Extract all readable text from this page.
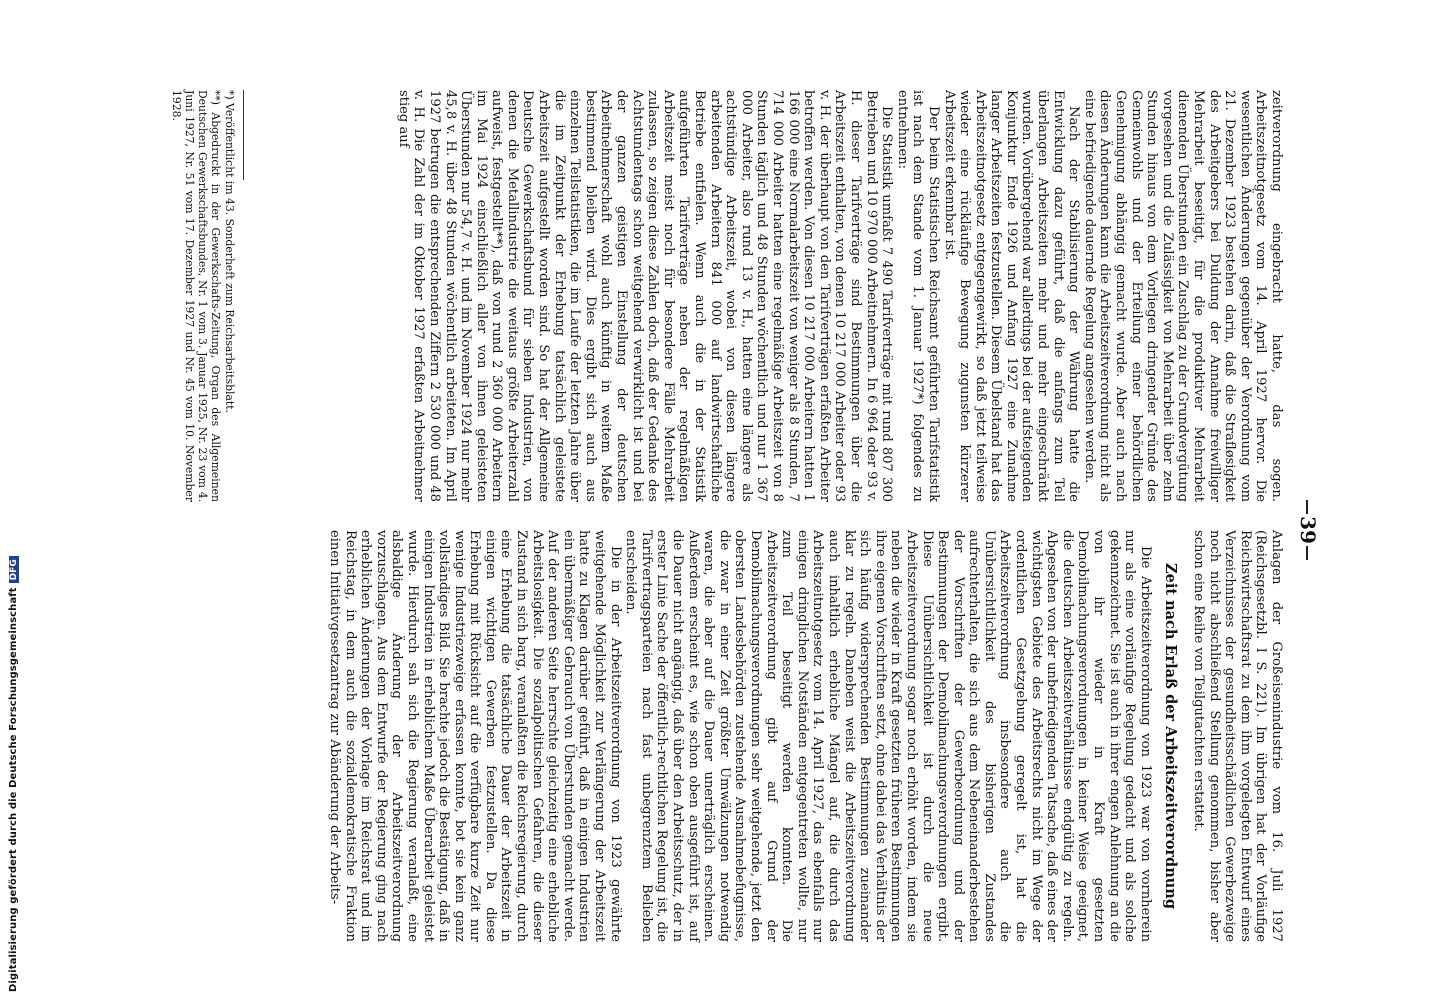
Digitalisierung gefördert durch die Deutsche Forschungsgemeinschaft
DFG
39

zeitverordnung eingebracht hatte, das sogen. Arbeitszeitnotgesetz vom 14. April 1927 hervor. Die wesentlichen Änderungen gegenüber der Verordnung vom 21. Dezember 1923 bestehen darin, daß die Strafløsigkeit des Arbeitgebers bei Duldung der Annahme freiwilliger Mehrarbeit beseitigt, für die produktiver Mehrarbeit dienenden Überstunden ein Zuschlag zu der Grundvergütung vorgesehen und die Zulässigkeit von Mehrarbeit über zehn Stunden hinaus von dem Vorliegen dringender Gründe des Gemeinwohls und der Erteilung einer behördlichen Genehmigung abhängig gemacht wurde. Aber auch nach diesen Änderungen kann die Arbeitszeitverordnung nicht als eine befriedigende dauernde Regelung angesehen werden.

Nach der Stabilisierung der Währung hatte die Entwicklung dazu geführt, daß die anfangs zum Teil überlangen Arbeitszeiten mehr und mehr eingeschränkt wurden. Vorübergehend war allerdings bei der aufsteigenden Konjunktur Ende 1926 und Anfang 1927 eine Zunahme langer Arbeitszeiten festzustellen. Diesem Übelstand hat das Arbeitszeitnotgesetz entgegengewirkt, so daß jetzt teilweise wieder eine rückläufige Bewegung zugunsten kürzerer Arbeitszeit erkennbar ist.

Der beim Statistischen Reichsamt geführten Tarifstatistik ist nach dem Stande vom 1. Januar 1927*) folgendes zu entnehmen:

Die Statistik umfaßt 7 490 Tarifverträge mit rund 807 300 Betrieben und 10 970 000 Arbeitnehmern. In 6 964 oder 93 v. H. dieser Tarifverträge sind Bestimmungen über die Arbeitszeit enthalten, von denen 10 217 000 Arbeiter oder 93 v. H. der überhaupt von den Tarifverträgen erfaßten Arbeiter betroffen werden. Von diesen 10 217 000 Arbeitern hatten 1 166 000 eine Normalarbeitszeit von weniger als 8 Stunden, 7 714 000 Arbeiter hatten eine regelmäßige Arbeitszeit von 8 Stunden täglich und 48 Stunden wöchentlich und nur 1 367 000 Arbeiter, also rund 13 v. H., hatten eine längere als achtstündige Arbeitszeit, wobei von diesen längere arbeitenden Arbeitern 841 000 auf landwirtschaftliche Betriebe entfielen. Wenn auch die in der Statistik aufgeführten Tarifverträge neben der regelmäßigen Arbeitszeit meist noch für besondere Fälle Mehrarbeit zulassen, so zeigen diese Zahlen doch, daß der Gedanke des Achtstundentags schon weitgehend verwirklicht ist und bei der ganzen geistigen Einstellung der deutschen Arbeitnehmerschaft wohl auch künftig in weitem Maße bestimmend bleiben wird. Dies ergibt sich auch aus einzelnen Teilstatistiken, die im Laufe der letzten Jahre über die im Zeitpunkt der Erhebung tatsächlich geleistete Arbeitszeit aufgestellt worden sind. So hat der Allgemeine Deutsche Gewerkschaftsbund für sieben Industrien, von denen die Metallindustrie die weitaus größte Arbeiterzahl aufweist, festgestellt**), daß von rund 2 360 000 Arbeitern im Mai 1924 einschließlich aller von ihnen geleisteten Überstunden nur 54,7 v. H. und im November 1924 nur mehr 45,8 v. H. über 48 Stunden wöchentlich arbeiteten. Im April 1927 betrugen die entsprechenden Ziffern 2 530 000 und 48 v. H. Die Zahl der im Oktober 1927 erfaßten Arbeitnehmer stieg auf

*) Veröffentlicht im 43. Sonderheft zum Reichsarbeitsblatt.

**) Abgedruckt in der Gewerkschafts-Zeitung, Organ des Allgemeinen Deutschen Gewerkschaftsbundes, Nr. 1 vom 3. Januar 1925, Nr. 23 vom 4. Juni 1927, Nr. 51 vom 17. Dezember 1927 und Nr. 45 vom 10. November 1928.

Anlagen der Großeisenindustrie vom 16. Juli 1927 (Reichsgesetzbl. I S. 221). Im übrigen hat der Vorläufige Reichswirtschaftsrat zu dem ihm vorgelegten Entwurf eines Verzeichnisses der gesundheitsschädlichen Gewerbezweige noch nicht abschließend Stellung genommen, bisher aber schon eine Reihe von Teilgutachten erstattet.

Zeit nach Erlaß der Arbeitszeitverordnung

Die Arbeitszeitverordnung von 1923 war von vornherein nur als eine vorläufige Regelung gedacht und als solche gekennzeichnet. Sie ist auch in ihrer engen Anlehnung an die von ihr wieder in Kraft gesetzten Demobilmachungsverordnungen in keiner Weise geeignet, die deutschen Arbeitszeitverhältnisse endgültig zu regeln. Abgesehen von der unbefriedigenden Tatsache, daß eines der wichtigsten Gebiete des Arbeitsrechts nicht im Wege der ordentlichen Gesetzgebung geregelt ist, hat die Arbeitszeitverordnung insbesondere auch die Unübersichtlichkeit des bisherigen Zustandes aufrechterhalten, die sich aus dem Nebeneinanderbestehen der Vorschriften der Gewerbeordnung und der Bestimmungen der Demobilmachungsverordnungen ergibt. Diese Unübersichtlichkeit ist durch die neue Arbeitszeitverordnung sogar noch erhöht worden, indem sie neben die wieder in Kraft gesetzten früheren Bestimmungen ihre eigenen Vorschriften setzt, ohne dabei das Verhältnis der sich häufig widersprechenden Bestimmungen zueinander klar zu regeln. Daneben weist die Arbeitszeitverordnung auch inhaltlich erhebliche Mängel auf, die durch das Arbeitszeitnotgesetz vom 14. April 1927, das ebenfalls nur einigen dringlichen Notständen entgegentreten wollte, nur zum Teil beseitigt werden konnten. Die Arbeitszeitverordnung gibt auf Grund der Demobilmachungsverordnungen sehr weitgehende, jetzt den obersten Landesbehörden zustehende Ausnahmebefugnisse, die zwar in einer Zeit größter Umwälzungen notwendig waren, die aber auf die Dauer unerträglich erscheinen. Außerdem erscheint es, wie schon oben ausgeführt ist, auf die Dauer nicht angängig, daß über den Arbeitsschutz, der in erster Linie Sache der öffentlich-rechtlichen Regelung ist, die Tarifvertragsparteien nach fast unbegrenztem Belieben entscheiden.

Die in der Arbeitszeitverordnung von 1923 gewährte weitgehende Möglichkeit zur Verlängerung der Arbeitszeit hatte zu Klagen darüber geführt, daß in einigen Industrien ein übermäßiger Gebrauch von Überstunden gemacht werde. Auf der anderen Seite herrschte gleichzeitig eine erhebliche Arbeitslosigkeit. Die sozialpolitischen Gefahren, die dieser Zustand in sich barg, veranlaßten die Reichsregierung, durch eine Erhebung die tatsächliche Dauer der Arbeitszeit in einigen wichtigen Gewerben festzustellen. Da diese Erhebung mit Rücksicht auf die verfügbare kurze Zeit nur wenige Industriezweige erfassen konnte, bot sie kein ganz vollständiges Bild. Sie brachte jedoch die Bestätigung, daß in einigen Industrien in erheblichem Maße Überarbeit geleistet wurde. Hierdurch sah sich die Regierung veranlaßt, eine alsbaldige Änderung der Arbeitszeitverordnung vorzuschlagen. Aus dem Entwurfe der Regierung ging nach erheblichen Änderungen der Vorlage im Reichsrat und im Reichstag, in dem auch die sozialdemokratische Fraktion einen Initiativgesetzantrag zur Abänderung der Arbeits-
